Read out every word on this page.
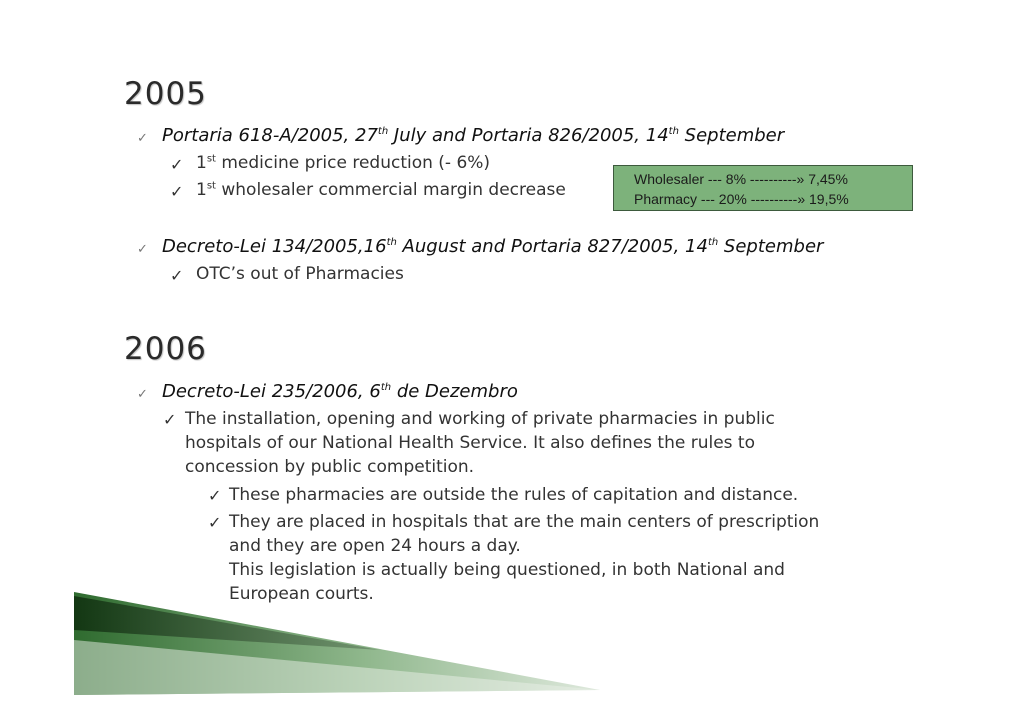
2005
✓ Portaria 618-A/2005, 27th July and Portaria 826/2005, 14th September
✓ 1st medicine price reduction (- 6%)
✓ 1st wholesaler commercial margin decrease
Wholesaler --- 8% ----------» 7,45%
Pharmacy --- 20% ----------» 19,5%
✓ Decreto-Lei 134/2005,16th August and Portaria 827/2005, 14th September
✓ OTC’s out of Pharmacies
2006
✓ Decreto-Lei 235/2006, 6th de Dezembro
✓ The installation, opening and working of private pharmacies in public
hospitals of our National Health Service. It also defines the rules to
concession by public competition.
✓ These pharmacies are outside the rules of capitation and distance.
✓ They are placed in hospitals that are the main centers of prescription
and they are open 24 hours a day.
This legislation is actually being questioned, in both National and
European courts.
